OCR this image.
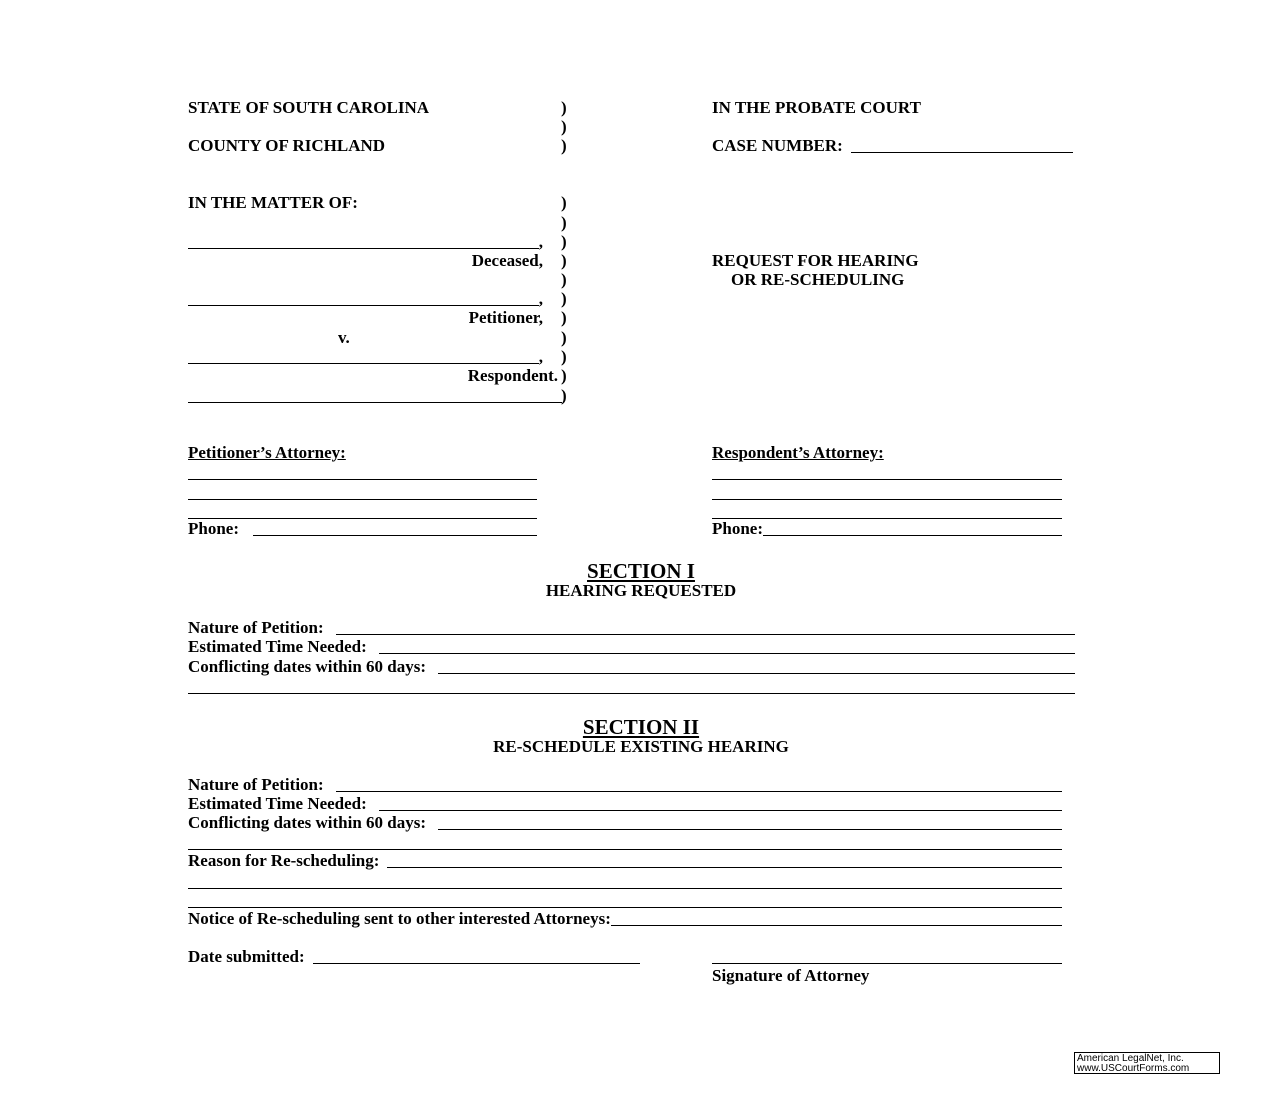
STATE OF SOUTH CAROLINA
COUNTY OF RICHLAND
IN THE PROBATE COURT
CASE NUMBER:
)
)
)
)
)
)
)
)
)
)
)
)
)
)
IN THE MATTER OF:
,
Deceased,
,
Petitioner,
v.
,
Respondent.
REQUEST FOR HEARING
OR RE-SCHEDULING
Petitioner’s Attorney:	Respondent’s Attorney:
Phone:	Phone:
SECTION I
HEARING REQUESTED
Nature of Petition:
Estimated Time Needed:
Conflicting dates within 60 days:
SECTION II
RE-SCHEDULE EXISTING HEARING
Nature of Petition:
Estimated Time Needed:
Conflicting dates within 60 days:
Reason for Re-scheduling:
Notice of Re-scheduling sent to other interested Attorneys:
Date submitted:
Signature of Attorney
American LegalNet, Inc.
www.USCourtForms.com
